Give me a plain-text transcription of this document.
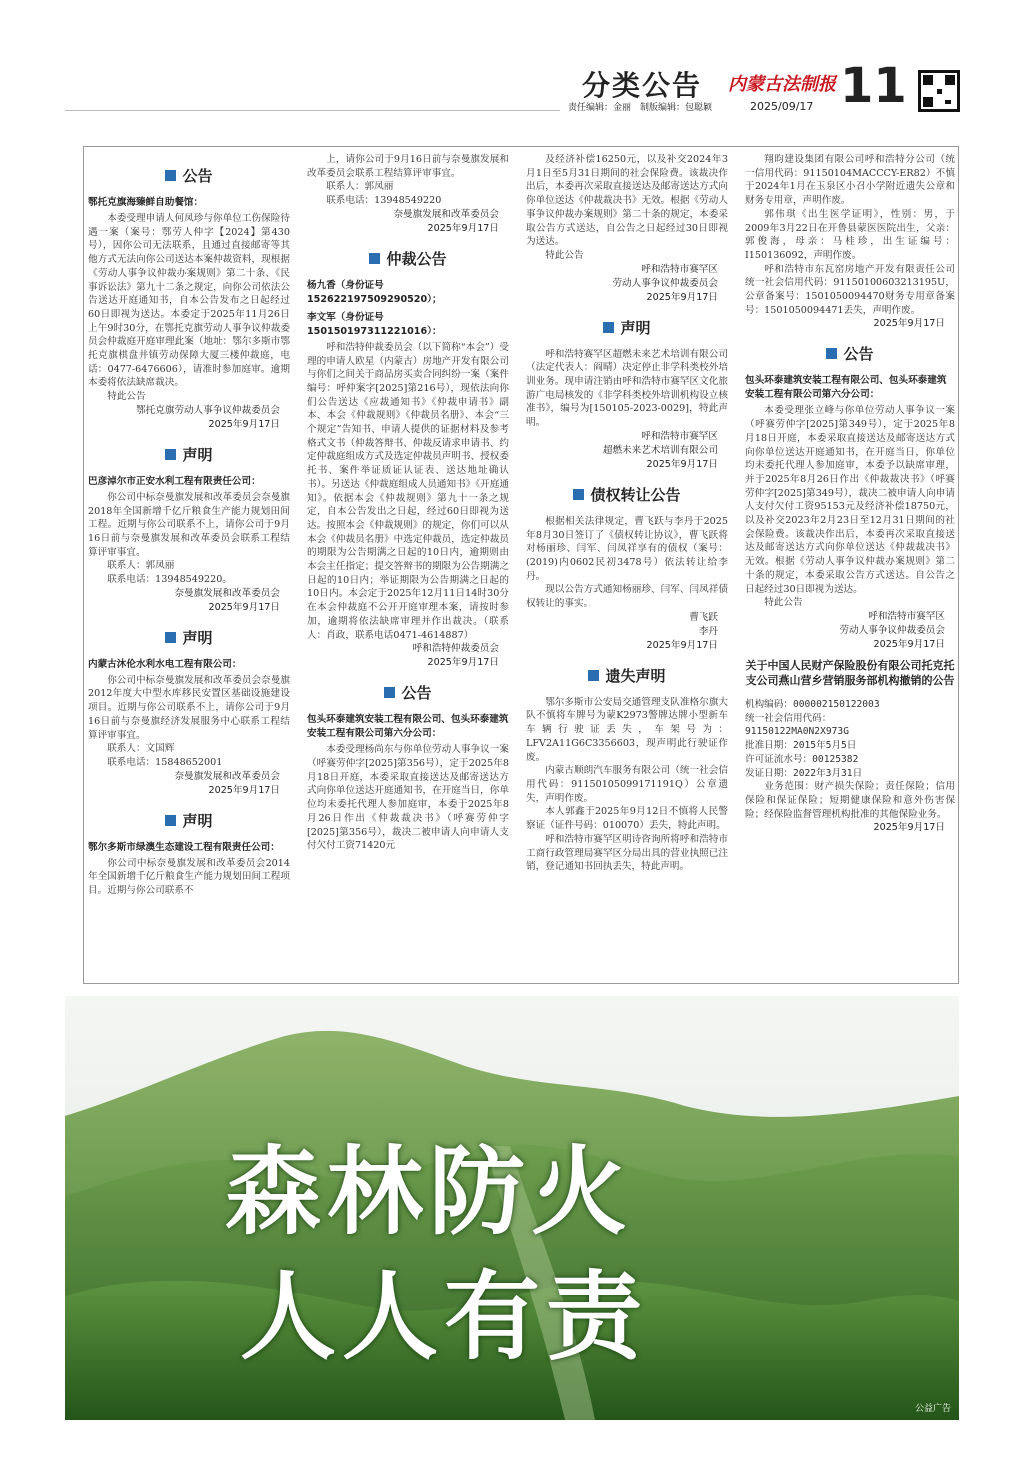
分类公告 内蒙古法制报 11
责任编辑：金丽　制版编辑：包聪颖	2025/09/17
公告
鄂托克旗海臻鲜自助餐馆：

本委受理申请人何凤珍与你单位工伤保险待遇一案（案号：鄂劳人仲字【2024】第430号），因你公司无法联系，且通过直接邮寄等其他方式无法向你公司送达本案仲裁资料，现根据《劳动人事争议仲裁办案规则》第二十条、《民事诉讼法》第九十二条之规定，向你公司依法公告送达开庭通知书，自本公告发布之日起经过60日即视为送达。本委定于2025年11月26日上午9时30分，在鄂托克旗劳动人事争议仲裁委员会仲裁庭开庭审理此案（地址：鄂尔多斯市鄂托克旗棋盘井镇劳动保障大厦三楼仲裁庭，电话：0477-6476606），请准时参加庭审。逾期本委将依法缺席裁决。

特此公告

鄂托克旗劳动人事争议仲裁委员会

2025年9月17日

声明
巴彦淖尔市正安水利工程有限责任公司：

你公司中标奈曼旗发展和改革委员会奈曼旗2018年全国新增千亿斤粮食生产能力规划田间工程。近期与你公司联系不上，请你公司于9月16日前与奈曼旗发展和改革委员会联系工程结算评审事宜。

联系人：郭凤丽

联系电话：13948549220。

奈曼旗发展和改革委员会

2025年9月17日

声明
内蒙古沐伦水利水电工程有限公司：

你公司中标奈曼旗发展和改革委员会奈曼旗2012年度大中型水库移民安置区基础设施建设项目。近期与你公司联系不上，请你公司于9月16日前与奈曼旗经济发展服务中心联系工程结算评审事宜。

联系人：文国辉

联系电话：15848652001

奈曼旗发展和改革委员会

2025年9月17日

声明
鄂尔多斯市绿澳生态建设工程有限责任公司：

你公司中标奈曼旗发展和改革委员会2014年全国新增千亿斤粮食生产能力规划田间工程项目。近期与你公司联系不

上，请你公司于9月16日前与奈曼旗发展和改革委员会联系工程结算评审事宜。

联系人：郭凤丽

联系电话：13948549220

奈曼旗发展和改革委员会

2025年9月17日

仲裁公告
杨九香（身份证号152622197509290520）；
李文军（身份证号150150197311221016）：

呼和浩特仲裁委员会（以下简称“本会”）受理的申请人欧星（内蒙古）房地产开发有限公司与你们之间关于商品房买卖合同纠纷一案（案件编号：呼仲案字[2025]第216号），现依法向你们公告送达《应裁通知书》《仲裁申请书》副本、本会《仲裁规则》《仲裁员名册》、本会“三个规定”告知书、申请人提供的证据材料及参考格式文书（仲裁答辩书、仲裁反请求申请书、约定仲裁庭组成方式及选定仲裁员声明书、授权委托书、案件举证质证认证表、送达地址确认书）。另送达《仲裁庭组成人员通知书》《开庭通知》。依据本会《仲裁规则》第九十一条之规定，自本公告发出之日起，经过60日即视为送达。按照本会《仲裁规则》的规定，你们可以从本会《仲裁员名册》中选定仲裁员，选定仲裁员的期限为公告期满之日起的10日内，逾期则由本会主任指定；提交答辩书的期限为公告期满之日起的10日内；举证期限为公告期满之日起的10日内。本会定于2025年12月11日14时30分在本会仲裁庭不公开开庭审理本案，请按时参加，逾期将依法缺席审理并作出裁决。（联系人：肖政，联系电话0471-4614887）

呼和浩特仲裁委员会

2025年9月17日

公告
包头环泰建筑安装工程有限公司、包头环泰建筑安装工程有限公司第六分公司：

本委受理杨尚东与你单位劳动人事争议一案（呼赛劳仲字[2025]第356号），定于2025年8月18日开庭，本委采取直接送达及邮寄送达方式向你单位送达开庭通知书，在开庭当日，你单位均未委托代理人参加庭审，本委于2025年8月26日作出《仲裁裁决书》（呼赛劳仲字[2025]第356号），裁决二被申请人向申请人支付欠付工资71420元

及经济补偿16250元，以及补交2024年3月1日至5月31日期间的社会保险费。该裁决作出后，本委再次采取直接送达及邮寄送达方式向你单位送达《仲裁裁决书》无效。根据《劳动人事争议仲裁办案规则》第二十条的规定，本委采取公告方式送达，自公告之日起经过30日即视为送达。

特此公告

呼和浩特市赛罕区

劳动人事争议仲裁委员会

2025年9月17日

声明

呼和浩特赛罕区超燃未来艺术培训有限公司（法定代表人：阎晴）决定停止非学科类校外培训业务。现申请注销由呼和浩特市赛罕区文化旅游广电局核发的《非学科类校外培训机构设立核准书》，编号为[150105-2023-0029]，特此声明。

呼和浩特市赛罕区

超燃未来艺术培训有限公司

2025年9月17日

债权转让公告

根据相关法律规定，曹飞跃与李丹于2025年8月30日签订了《债权转让协议》，曹飞跃将对杨丽珍、闫军、闫凤祥享有的债权（案号：(2019)内0602民初3478号）依法转让给李丹。

现以公告方式通知杨丽珍、闫军、闫凤祥债权转让的事实。

曹飞跃

李丹

2025年9月17日

遗失声明

鄂尔多斯市公安局交通管理支队准格尔旗大队不慎将车牌号为蒙K2973警牌达牌小型新车车辆行驶证丢失，车架号为：LFV2A11G6C3356603，现声明此行驶证作废。

内蒙古顺朗汽车服务有限公司（统一社会信用代码：91150105099171191Q）公章遗失，声明作废。

本人郭鑫于2025年9月12日不慎将人民警察证（证件号码：010070）丢失，特此声明。

呼和浩特市赛罕区明诗咨询所将呼和浩特市工商行政管理局赛罕区分局出具的营业执照已注销，登记通知书回执丢失，特此声明。

翔昀建设集团有限公司呼和浩特分公司（统一信用代码：91150104MACCCY-ER82）不慎于2024年1月在玉泉区小召小学附近遗失公章和财务专用章，声明作废。

郭伟琪《出生医学证明》，性别：男，于2009年3月22日在开鲁县蒙医医院出生，父亲：郭俊海，母亲：马桂珍，出生证编号：I150136092，声明作废。

呼和浩特市东瓦窑房地产开发有限责任公司统一社会信用代码：91150100603213195U，公章备案号：1501050094470财务专用章备案号：1501050094471丢失，声明作废。

2025年9月17日

公告
包头环泰建筑安装工程有限公司、包头环泰建筑安装工程有限公司第六分公司：

本委受理张立峰与你单位劳动人事争议一案（呼赛劳仲字[2025]第349号），定于2025年8月18日开庭，本委采取直接送达及邮寄送达方式向你单位送达开庭通知书，在开庭当日，你单位均未委托代理人参加庭审，本委予以缺席审理，并于2025年8月26日作出《仲裁裁决书》（呼赛劳仲字[2025]第349号），裁决二被申请人向申请人支付欠付工资95153元及经济补偿18750元，以及补交2023年2月23日至12月31日期间的社会保险费。该裁决作出后，本委再次采取直接送达及邮寄送达方式向你单位送达《仲裁裁决书》无效。根据《劳动人事争议仲裁办案规则》第二十条的规定，本委采取公告方式送达。自公告之日起经过30日即视为送达。

特此公告

呼和浩特市赛罕区

劳动人事争议仲裁委员会

2025年9月17日

关于中国人民财产保险股份有限公司托克托支公司燕山营乡营销服务部机构撤销的公告

机构编码：000002150122003

统一社会信用代码：

91150122MA0N2X973G

批准日期：2015年5月5日

许可证流水号：00125382

发证日期：2022年3月31日

业务范围：财产损失保险；责任保险；信用保险和保证保险；短期健康保险和意外伤害保险；经保险监督管理机构批准的其他保险业务。

2025年9月17日

森林防火
人人有责
公益广告
